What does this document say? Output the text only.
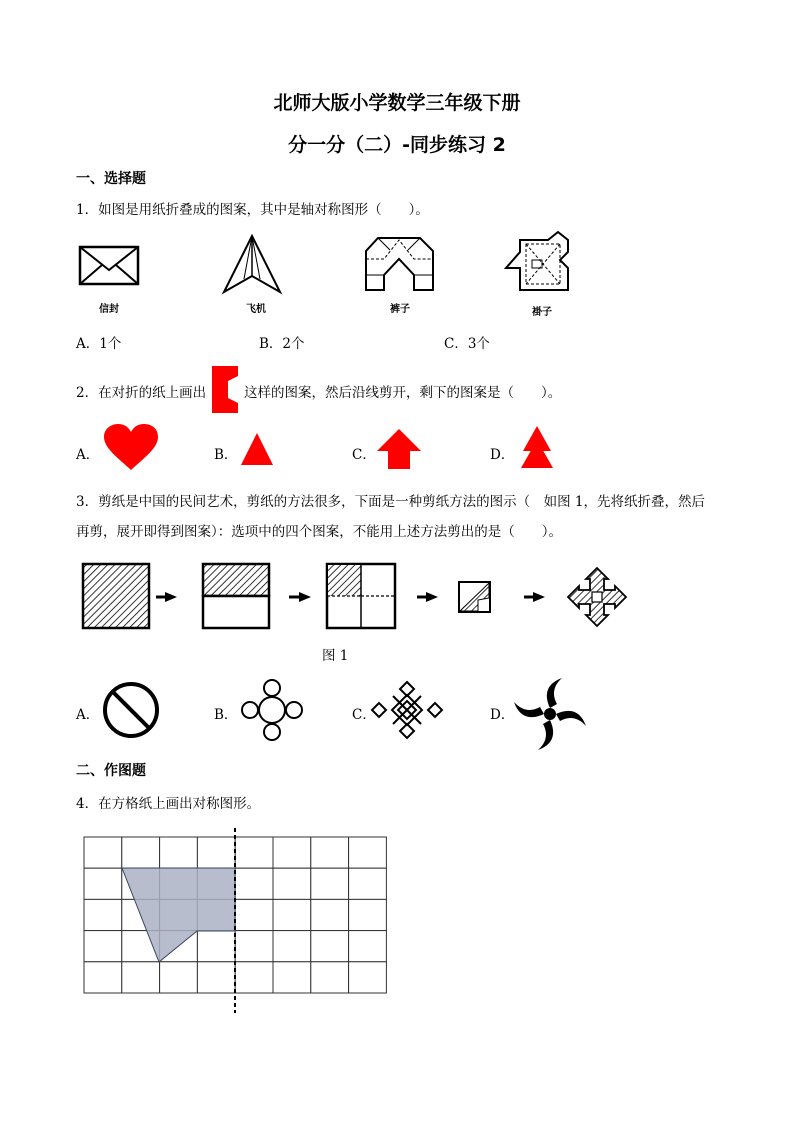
北师大版小学数学三年级下册
分一分（二）-同步练习 2
一、选择题
1．如图是用纸折叠成的图案，其中是轴对称图形（　　）。
信封	飞机	裤子	褂子
A．1个	B．2个	C．3个
2．在对折的纸上画出	这样的图案，然后沿线剪开，剩下的图案是（　　）。
A．	B．	C．	D．
3．剪纸是中国的民间艺术，剪纸的方法很多，下面是一种剪纸方法的图示（　如图 1，先将纸折叠，然后
再剪，展开即得到图案）：选项中的四个图案，不能用上述方法剪出的是（　　）。
图 1
A．	B．	C．	D．
二、作图题
4．在方格纸上画出对称图形。
